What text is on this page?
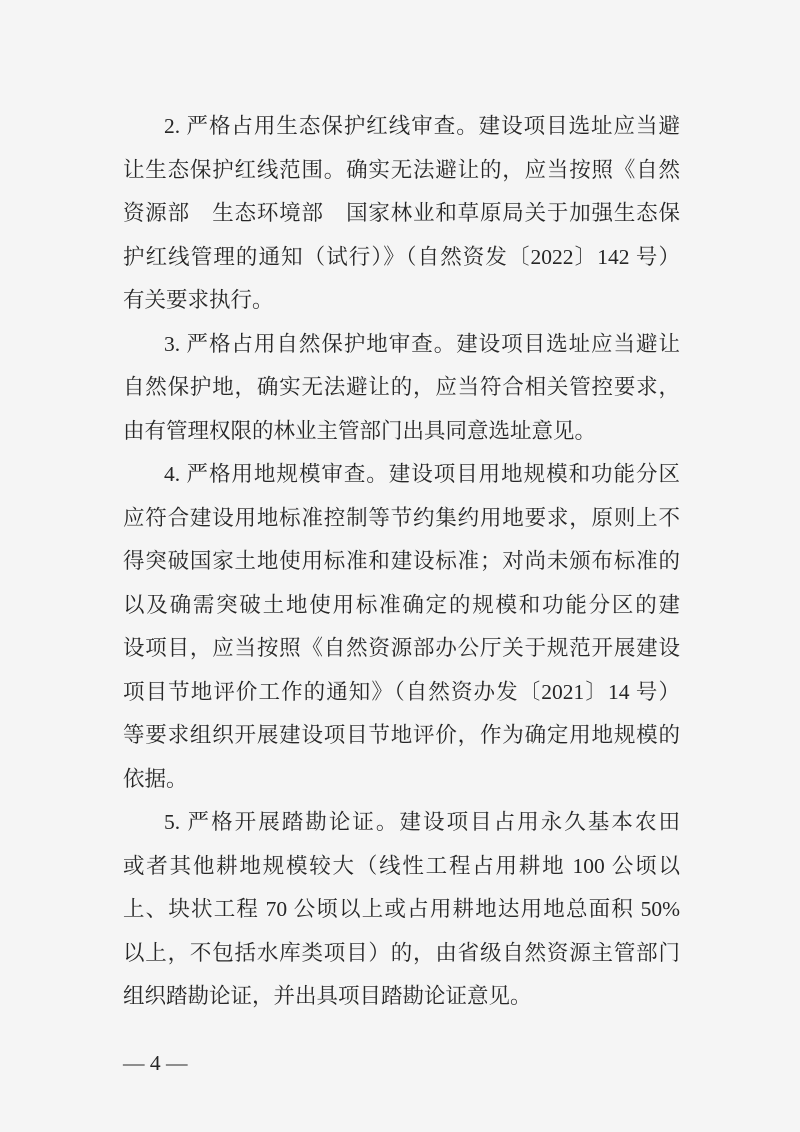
2. 严格占用生态保护红线审查。建设项目选址应当避
让生态保护红线范围。确实无法避让的，应当按照《自然
资源部　生态环境部　国家林业和草原局关于加强生态保
护红线管理的通知（试行）》（自然资发〔2022〕142 号）
有关要求执行。
3. 严格占用自然保护地审查。建设项目选址应当避让
自然保护地，确实无法避让的，应当符合相关管控要求，
由有管理权限的林业主管部门出具同意选址意见。
4. 严格用地规模审查。建设项目用地规模和功能分区
应符合建设用地标准控制等节约集约用地要求，原则上不
得突破国家土地使用标准和建设标准；对尚未颁布标准的
以及确需突破土地使用标准确定的规模和功能分区的建
设项目，应当按照《自然资源部办公厅关于规范开展建设
项目节地评价工作的通知》（自然资办发〔2021〕14 号）
等要求组织开展建设项目节地评价，作为确定用地规模的
依据。
5. 严格开展踏勘论证。建设项目占用永久基本农田
或者其他耕地规模较大（线性工程占用耕地 100 公顷以
上、块状工程 70 公顷以上或占用耕地达用地总面积 50%
以上，不包括水库类项目）的，由省级自然资源主管部门
组织踏勘论证，并出具项目踏勘论证意见。
— 4 —
